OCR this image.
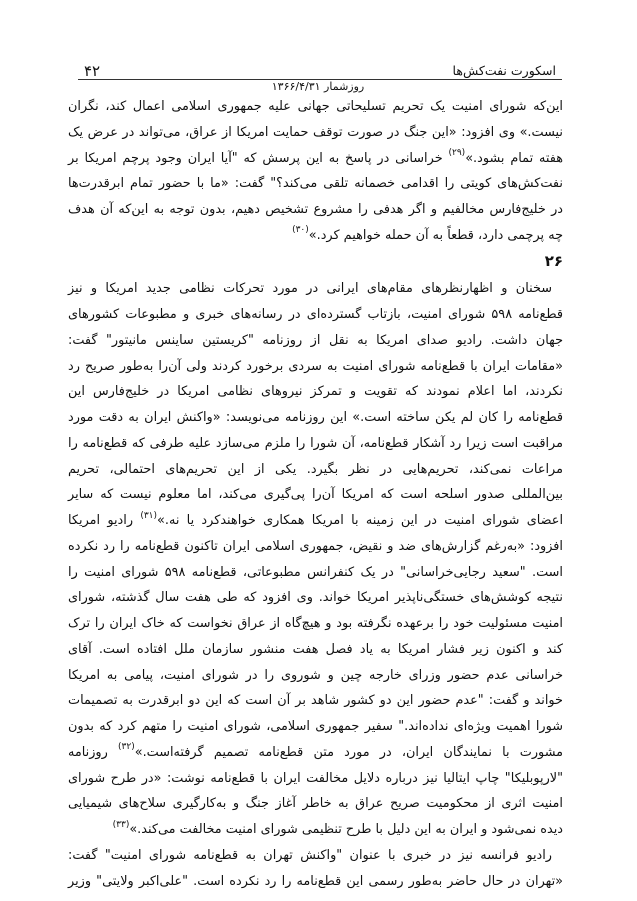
۴۲	اسکورت نفت‌کش‌ها
روزشمار ۱۳۶۶/۴/۳۱
این‌که شورای امنیت یک تحریم تسلیحاتی جهانی علیه جمهوری اسلامی اعمال کند، نگران
نیست.» وی افزود: «این جنگ در صورت توقف حمایت امریکا از عراق، می‌تواند در عرض یک
هفته تمام بشود.»$^{(۲۹)}$ خراسانی در پاسخ به این پرسش که "آیا ایران وجود پرچم امریکا بر
نفت‌کش‌های کویتی را اقدامی خصمانه تلقی می‌کند؟" گفت: «ما با حضور تمام ابرقدرت‌ها
در خلیج‌فارس مخالفیم و اگر هدفی را مشروع تشخیص دهیم، بدون توجه به این‌که آن هدف
چه پرچمی دارد، قطعاً به آن حمله خواهیم کرد.»$^{(۳۰)}$
۲۶
سخنان و اظهارنظرهای مقام‌های ایرانی در مورد تحرکات نظامی جدید امریکا و نیز
قطع‌نامه ۵۹۸ شورای امنیت، بازتاب گسترده‌ای در رسانه‌های خبری و مطبوعات کشورهای
جهان داشت. رادیو صدای امریکا به نقل از روزنامه "کریستین ساینس مانیتور" گفت:
«مقامات ایران با قطع‌نامه شورای امنیت به سردی برخورد کردند ولی آن‌را به‌طور صریح رد
نکردند، اما اعلام نمودند که تقویت و تمرکز نیروهای نظامی امریکا در خلیج‌فارس این
قطع‌نامه را کان لم یکن ساخته است.» این روزنامه می‌نویسد: «واکنش ایران به دقت مورد
مراقبت است زیرا رد آشکار قطع‌نامه، آن شورا را ملزم می‌سازد علیه طرفی که قطع‌نامه را
مراعات نمی‌کند، تحریم‌هایی در نظر بگیرد. یکی از این تحریم‌های احتمالی، تحریم
بین‌المللی صدور اسلحه است که امریکا آن‌را پی‌گیری می‌کند، اما معلوم نیست که سایر
اعضای شورای امنیت در این زمینه با امریکا همکاری خواهندکرد یا نه.»$^{(۳۱)}$ رادیو امریکا
افزود: «به‌رغم گزارش‌های ضد و نقیض، جمهوری اسلامی ایران تاکنون قطع‌نامه را رد نکرده
است. "سعید رجایی‌خراسانی" در یک کنفرانس مطبوعاتی، قطع‌نامه ۵۹۸ شورای امنیت را
نتیجه کوشش‌های خستگی‌ناپذیر امریکا خواند. وی افزود که طی هفت سال گذشته، شورای
امنیت مسئولیت خود را برعهده نگرفته بود و هیچ‌گاه از عراق نخواست که خاک ایران را ترک
کند و اکنون زیر فشار امریکا به یاد فصل هفت منشور سازمان ملل افتاده است. آقای
خراسانی عدم حضور وزرای خارجه چین و شوروی را در شورای امنیت، پیامی به امریکا
خواند و گفت: "عدم حضور این دو کشور شاهد بر آن است که این دو ابرقدرت به تصمیمات
شورا اهمیت ویژه‌ای نداده‌اند." سفیر جمهوری اسلامی، شورای امنیت را متهم کرد که بدون
مشورت با نمایندگان ایران، در مورد متن قطع‌نامه تصمیم گرفته‌است.»$^{(۳۲)}$ روزنامه
"لارپوبلیکا" چاپ ایتالیا نیز درباره دلایل مخالفت ایران با قطع‌نامه نوشت: «در طرح شورای
امنیت اثری از محکومیت صریح عراق به خاطر آغاز جنگ و به‌کارگیری سلاح‌های شیمیایی
دیده نمی‌شود و ایران به این دلیل با طرح تنظیمی شورای امنیت مخالفت می‌کند.»$^{(۳۳)}$
رادیو فرانسه نیز در خبری با عنوان "واکنش تهران به قطع‌نامه شورای امنیت" گفت:
«تهران در حال حاضر به‌طور رسمی این قطع‌نامه را رد نکرده است. "علی‌اکبر ولایتی" وزیر
